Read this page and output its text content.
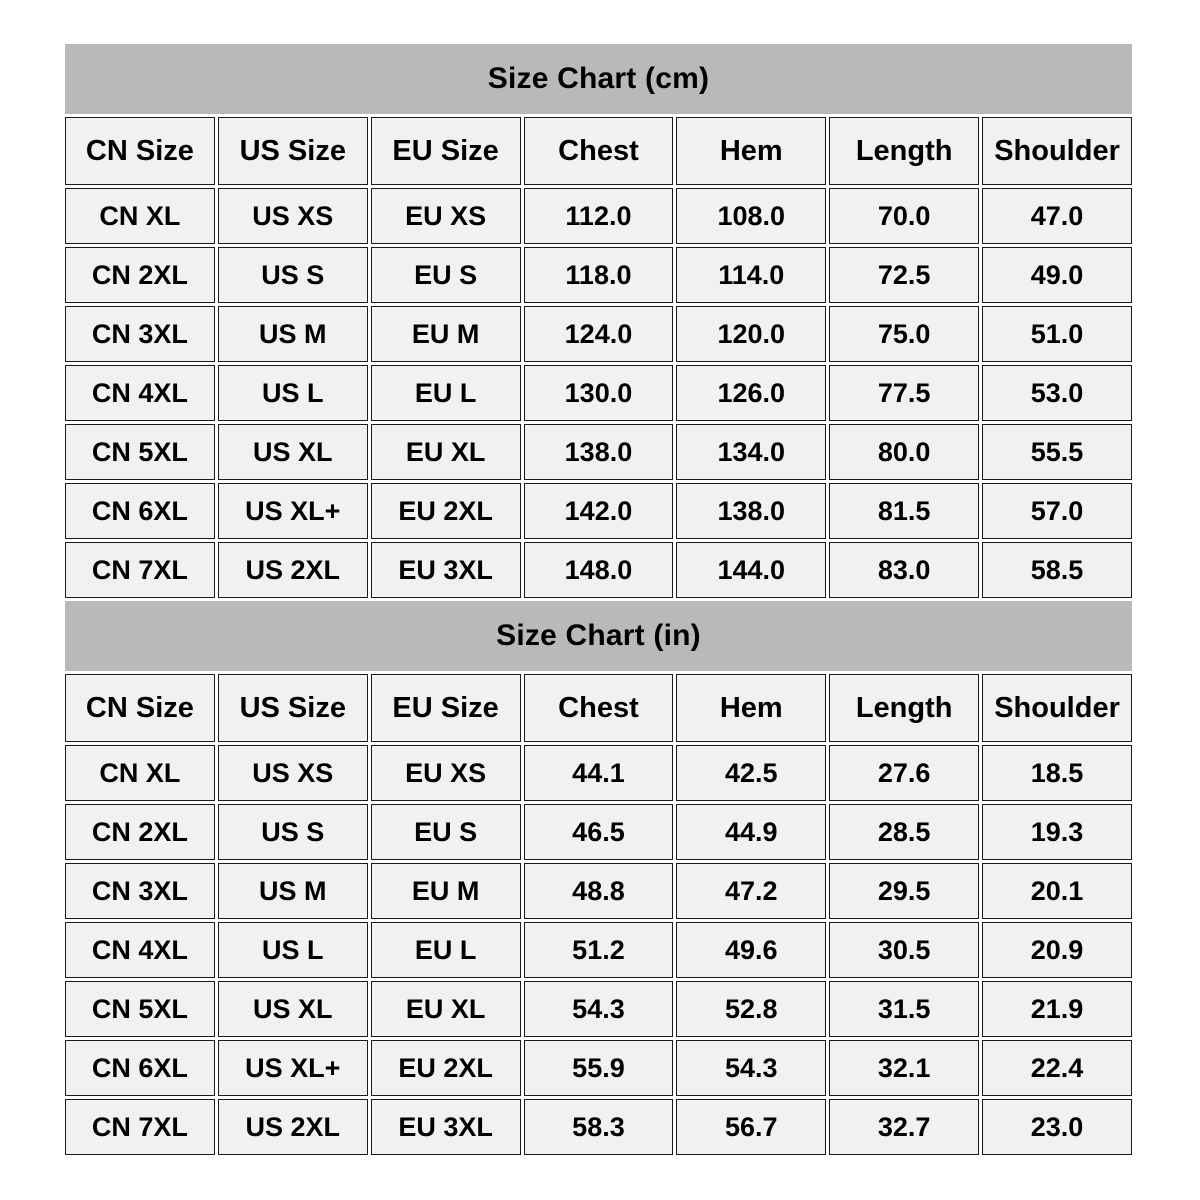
Size Chart (cm)						
CN Size	US Size	EU Size	Chest	Hem	Length	Shoulder
CN XL	US XS	EU XS	112.0	108.0	70.0	47.0
CN 2XL	US S	EU S	118.0	114.0	72.5	49.0
CN 3XL	US M	EU M	124.0	120.0	75.0	51.0
CN 4XL	US L	EU L	130.0	126.0	77.5	53.0
CN 5XL	US XL	EU XL	138.0	134.0	80.0	55.5
CN 6XL	US XL+	EU 2XL	142.0	138.0	81.5	57.0
CN 7XL	US 2XL	EU 3XL	148.0	144.0	83.0	58.5
Size Chart (in)						
CN Size	US Size	EU Size	Chest	Hem	Length	Shoulder
CN XL	US XS	EU XS	44.1	42.5	27.6	18.5
CN 2XL	US S	EU S	46.5	44.9	28.5	19.3
CN 3XL	US M	EU M	48.8	47.2	29.5	20.1
CN 4XL	US L	EU L	51.2	49.6	30.5	20.9
CN 5XL	US XL	EU XL	54.3	52.8	31.5	21.9
CN 6XL	US XL+	EU 2XL	55.9	54.3	32.1	22.4
CN 7XL	US 2XL	EU 3XL	58.3	56.7	32.7	23.0
